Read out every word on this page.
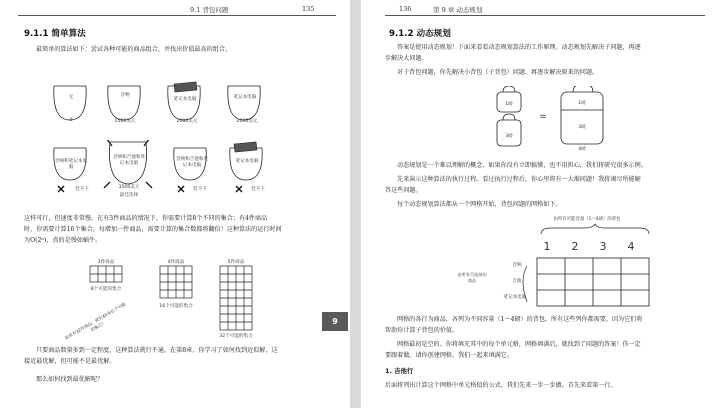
9.1 背包问题	135
9.1.1 简单算法
最简单的算法如下：尝试各种可能的商品组合，并找出价值最高的组合。
无
0
音响
1500美元
笔记本电脑
2000美元
笔记本电脑
2000美元
音响和笔记本电脑
装不下
音响和吉他和笔记本电脑
3500美元
最佳选择
音响和吉他和笔记本电脑
装不下
笔记本电脑
装不下
这样可行，但速度非常慢。在有3件商品的情况下，你需要计算8个不同的集合；有4件商品
时，你需要计算16个集合。每增加一件商品，需要计算的集合数都将翻倍！这种算法的运行时间
为O(2ⁿ)，真的是慢如蜗牛。
3件商品
8个可能的集合
4件商品
16个可能的集合
5件商品
32个可能的集合
如果有32件商品，就有40多亿个可能的集合！
只要商品数量多到一定程度，这种算法就行不通。在第8章，你学习了如何找到近似解，这
接近最优解，但可能不是最优解。
那么如何找到最优解呢？
9
136	第 9 章 动态规划
9.1.2 动态规划
答案是使用动态规划！下面来看看动态规划算法的工作原理。动态规划先解决子问题，再逐
步解决大问题。
对于背包问题，你先解决小背包（子背包）问题，再逐步解决原来的问题。
1磅
3磅
=
1磅
3磅
4磅
动态规划是一个难以理解的概念，如果你没有立即搞懂，也不用担心，我们将研究很多示例。
先来演示这种算法的执行过程。看过执行过程后，你心里将有一大堆问题！我将竭尽所能解
答这些问题。
每个动态规划算法都从一个网格开始，背包问题的网格如下。
由所有可能容量（1～4磅）的背包
1	2	3	4
由所有可选择的商品
音响
吉他
笔记本电脑
网格的各行为商品，各列为不同容量（1～4磅）的背包。所有这些列你都需要，因为它们将
帮助你计算子背包的价值。
网格最初是空的。你将填充其中的每个单元格，网格填满后，就找到了问题的答案！你一定
要跟着做。请你创建网格，我们一起来填满它。
1. 吉他行
后面将列出计算这个网格中单元格值的公式。我们先来一步一步做。首先来看第一行。
